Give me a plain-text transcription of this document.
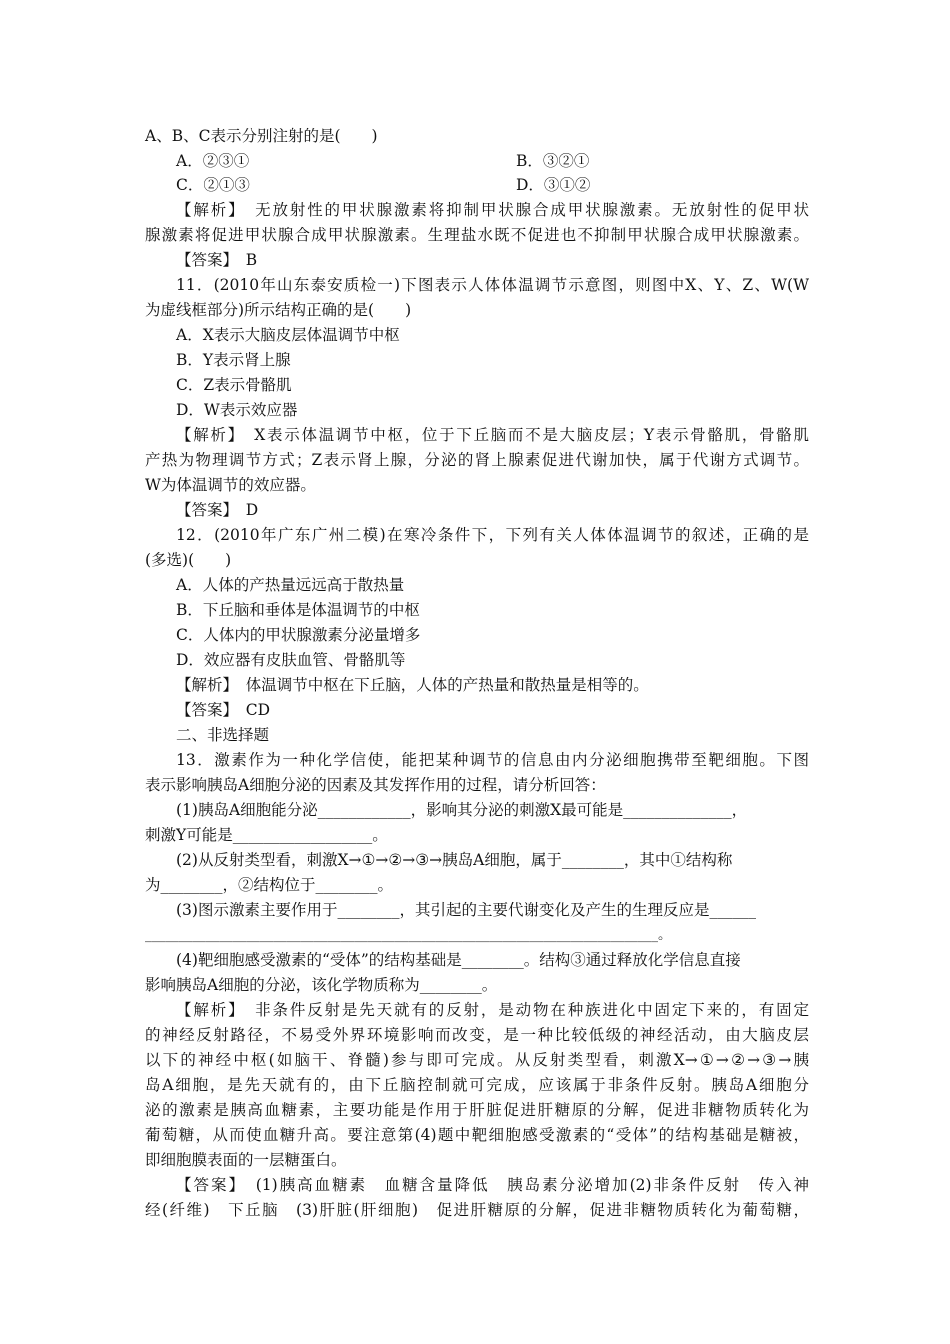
A、B、C表示分别注射的是(　　)
A．②③①	B．③②①
C．②①③	D．③①②
【解析】　无放射性的甲状腺激素将抑制甲状腺合成甲状腺激素。无放射性的促甲状
腺激素将促进甲状腺合成甲状腺激素。生理盐水既不促进也不抑制甲状腺合成甲状腺激素。
【答案】　B
11．(2010年山东泰安质检一)下图表示人体体温调节示意图，则图中X、Y、Z、W(W
为虚线框部分)所示结构正确的是(　　)
A．X表示大脑皮层体温调节中枢
B．Y表示肾上腺
C．Z表示骨骼肌
D．W表示效应器
【解析】　X表示体温调节中枢，位于下丘脑而不是大脑皮层；Y表示骨骼肌，骨骼肌
产热为物理调节方式；Z表示肾上腺，分泌的肾上腺素促进代谢加快，属于代谢方式调节。
W为体温调节的效应器。
【答案】　D
12．(2010年广东广州二模)在寒冷条件下，下列有关人体体温调节的叙述，正确的是
(多选)(　　)
A．人体的产热量远远高于散热量
B．下丘脑和垂体是体温调节的中枢
C．人体内的甲状腺激素分泌量增多
D．效应器有皮肤血管、骨骼肌等
【解析】　体温调节中枢在下丘脑，人体的产热量和散热量是相等的。
【答案】　CD
二、非选择题
13．激素作为一种化学信使，能把某种调节的信息由内分泌细胞携带至靶细胞。下图
表示影响胰岛A细胞分泌的因素及其发挥作用的过程，请分析回答：
(1)胰岛A细胞能分泌____________，影响其分泌的刺激X最可能是______________，
刺激Y可能是__________________。
(2)从反射类型看，刺激X→①→②→③→胰岛A细胞，属于________，其中①结构称
为________，②结构位于________。
(3)图示激素主要作用于________，其引起的主要代谢变化及产生的生理反应是______
____________________________________________________________________________。
(4)靶细胞感受激素的“受体”的结构基础是________。结构③通过释放化学信息直接
影响胰岛A细胞的分泌，该化学物质称为________。
【解析】　非条件反射是先天就有的反射，是动物在种族进化中固定下来的，有固定
的神经反射路径，不易受外界环境影响而改变，是一种比较低级的神经活动，由大脑皮层
以下的神经中枢(如脑干、脊髓)参与即可完成。从反射类型看，刺激X→①→②→③→胰
岛A细胞，是先天就有的，由下丘脑控制就可完成，应该属于非条件反射。胰岛A细胞分
泌的激素是胰高血糖素，主要功能是作用于肝脏促进肝糖原的分解，促进非糖物质转化为
葡萄糖，从而使血糖升高。要注意第(4)题中靶细胞感受激素的“受体”的结构基础是糖被，
即细胞膜表面的一层糖蛋白。
【答案】　(1)胰高血糖素　血糖含量降低　胰岛素分泌增加(2)非条件反射　传入神
经(纤维)　下丘脑　(3)肝脏(肝细胞)　促进肝糖原的分解，促进非糖物质转化为葡萄糖，
